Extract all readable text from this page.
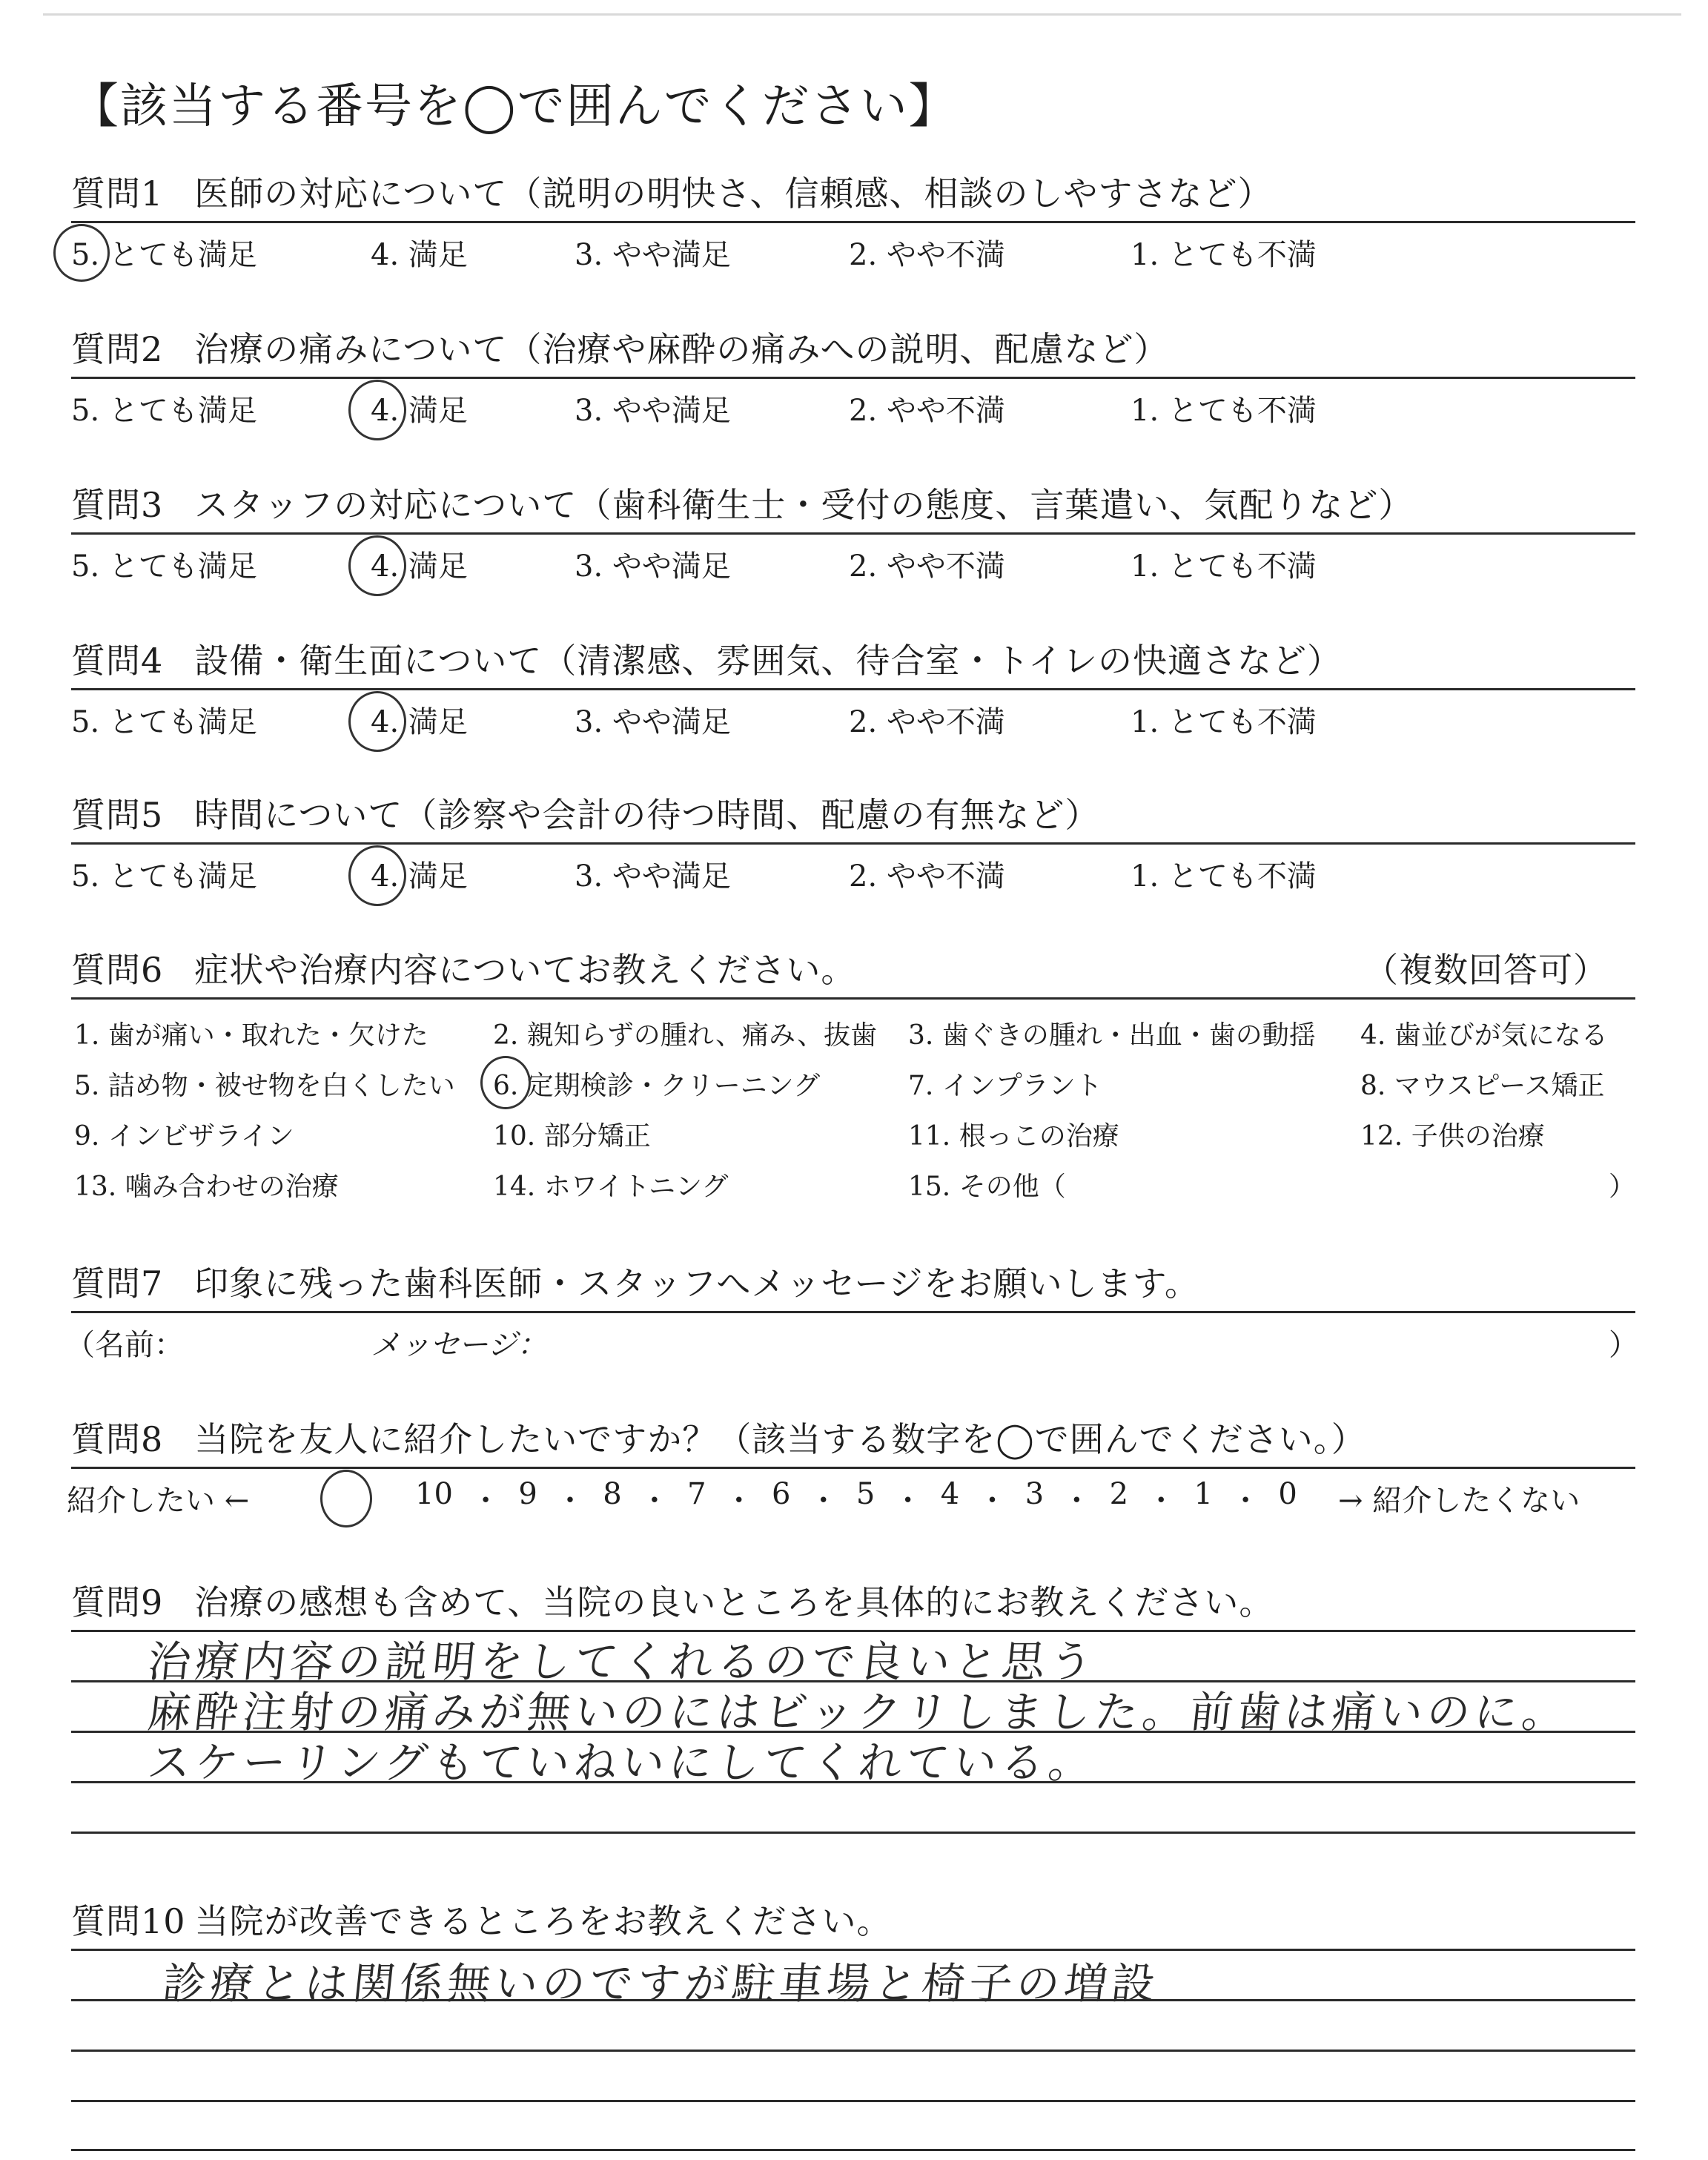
【該当する番号を◯で囲んでください】
質問1 医師の対応について（説明の明快さ、信頼感、相談のしやすさなど）
5. とても満足	4. 満足	3. やや満足	2. やや不満	1. とても不満
質問2 治療の痛みについて（治療や麻酔の痛みへの説明、配慮など）
5. とても満足	4. 満足	3. やや満足	2. やや不満	1. とても不満
質問3 スタッフの対応について（歯科衛生士・受付の態度、言葉遣い、気配りなど）
5. とても満足	4. 満足	3. やや満足	2. やや不満	1. とても不満
質問4 設備・衛生面について（清潔感、雰囲気、待合室・トイレの快適さなど）
5. とても満足	4. 満足	3. やや満足	2. やや不満	1. とても不満
質問5 時間について（診察や会計の待つ時間、配慮の有無など）
5. とても満足	4. 満足	3. やや満足	2. やや不満	1. とても不満
質問6 症状や治療内容についてお教えください。	（複数回答可）
1. 歯が痛い・取れた・欠けた 2. 親知らずの腫れ、痛み、抜歯 3. 歯ぐきの腫れ・出血・歯の動揺 4. 歯並びが気になる
5. 詰め物・被せ物を白くしたい 6. 定期検診・クリーニング	7. インプラント	8. マウスピース矯正
9. インビザライン	10. 部分矯正	11. 根っこの治療	12. 子供の治療
13. 噛み合わせの治療	14. ホワイトニング	15. その他（	）
質問7 印象に残った歯科医師・スタッフへメッセージをお願いします。
（名前：	メッセージ：	）
質問8 当院を友人に紹介したいですか？（該当する数字を◯で囲んでください。）
紹介したい ←	10 ・ 9 ・ 8 ・ 7 ・ 6 ・ 5 ・ 4 ・ 3 ・ 2 ・ 1 ・ 0 → 紹介したくない
質問9 治療の感想も含めて、当院の良いところを具体的にお教えください。
治療内容の説明をしてくれるので良いと思う
麻酔注射の痛みが無いのにはビックリしました。前歯は痛いのに。
スケーリングもていねいにしてくれている。
質問10 当院が改善できるところをお教えください。
診療とは関係無いのですが駐車場と椅子の増設
